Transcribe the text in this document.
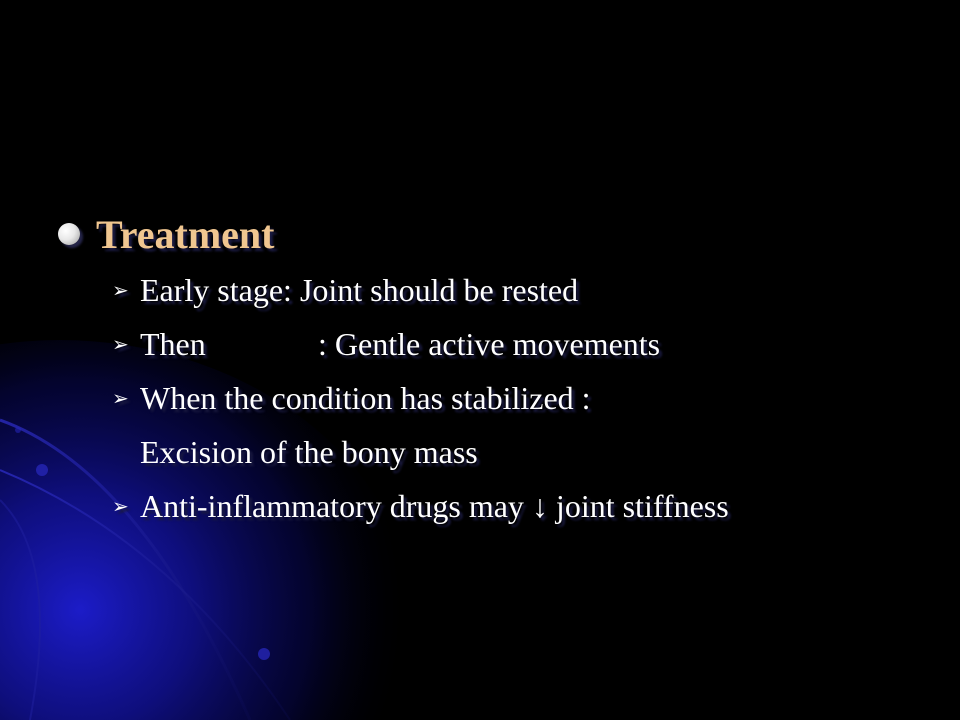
Treatment
➢ Early stage : Joint should be rested
➢ Then	: Gentle active movements
➢ When the condition has stabilized :
Excision of the bony mass
➢ Anti-inflammatory drugs may ↓ joint stiffness
